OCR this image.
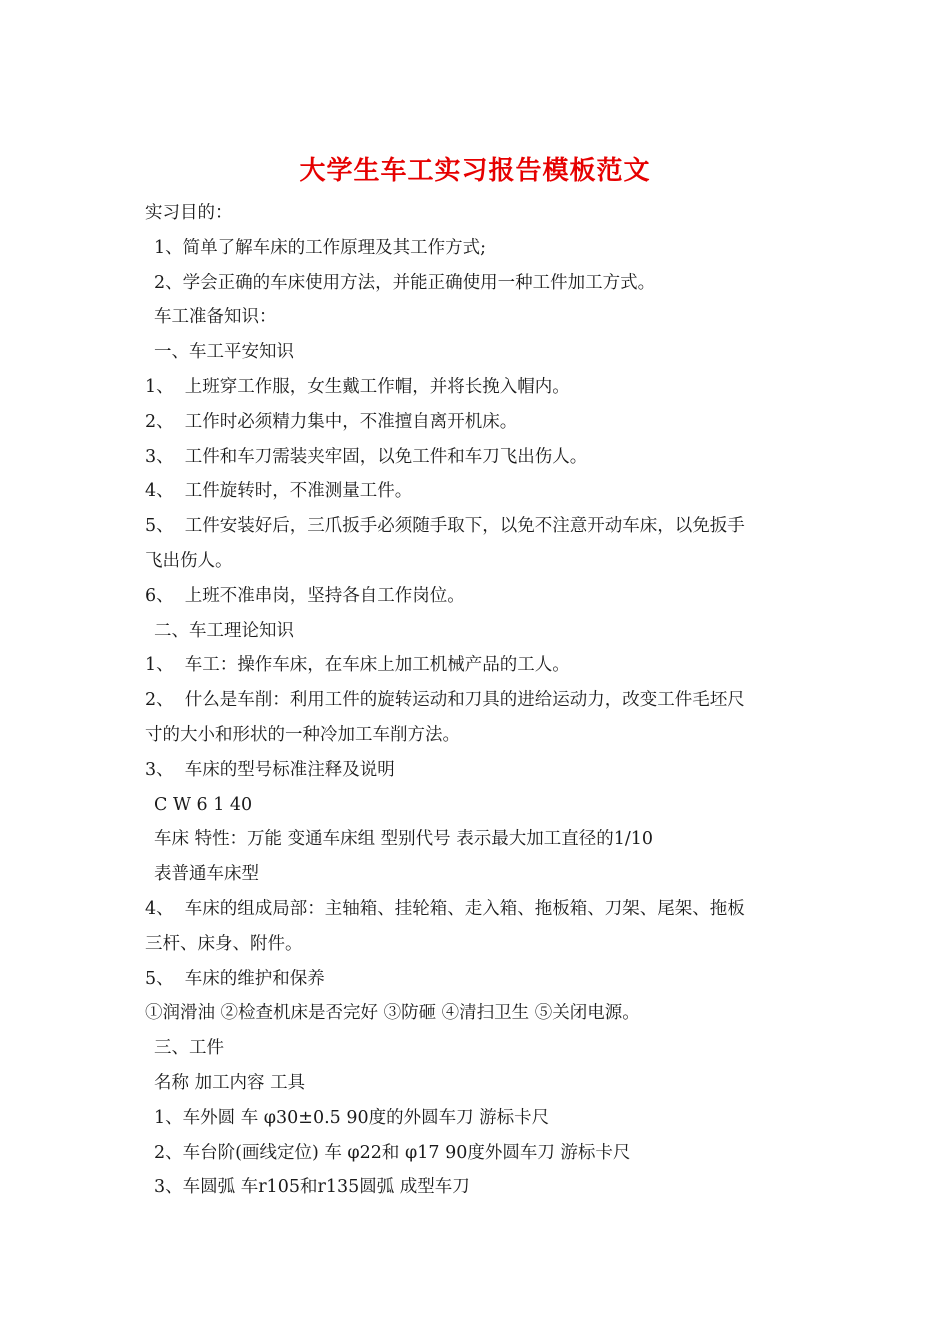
大学生车工实习报告模板范文
实习目的：
1、简单了解车床的工作原理及其工作方式;
2、学会正确的车床使用方法，并能正确使用一种工件加工方式。
车工准备知识：
一、车工平安知识
1、  上班穿工作服，女生戴工作帽，并将长挽入帽内。
2、  工作时必须精力集中，不准擅自离开机床。
3、  工件和车刀需装夹牢固，以免工件和车刀飞出伤人。
4、  工件旋转时，不准测量工件。
5、  工件安装好后，三爪扳手必须随手取下，以免不注意开动车床，以免扳手
飞出伤人。
6、  上班不准串岗，坚持各自工作岗位。
二、车工理论知识
1、  车工：操作车床，在车床上加工机械产品的工人。
2、  什么是车削：利用工件的旋转运动和刀具的进给运动力，改变工件毛坯尺
寸的大小和形状的一种冷加工车削方法。
3、  车床的型号标准注释及说明
C W 6 1 40
车床 特性：万能 变通车床组 型别代号 表示最大加工直径的1/10
表普通车床型
4、  车床的组成局部：主轴箱、挂轮箱、走入箱、拖板箱、刀架、尾架、拖板
三杆、床身、附件。
5、  车床的维护和保养
①润滑油 ②检查机床是否完好 ③防砸 ④清扫卫生 ⑤关闭电源。
三、工件
名称 加工内容 工具
1、车外圆 车 φ30±0.5 90度的外圆车刀 游标卡尺
2、车台阶(画线定位) 车 φ22和 φ17 90度外圆车刀 游标卡尺
3、车圆弧 车r105和r135圆弧 成型车刀
